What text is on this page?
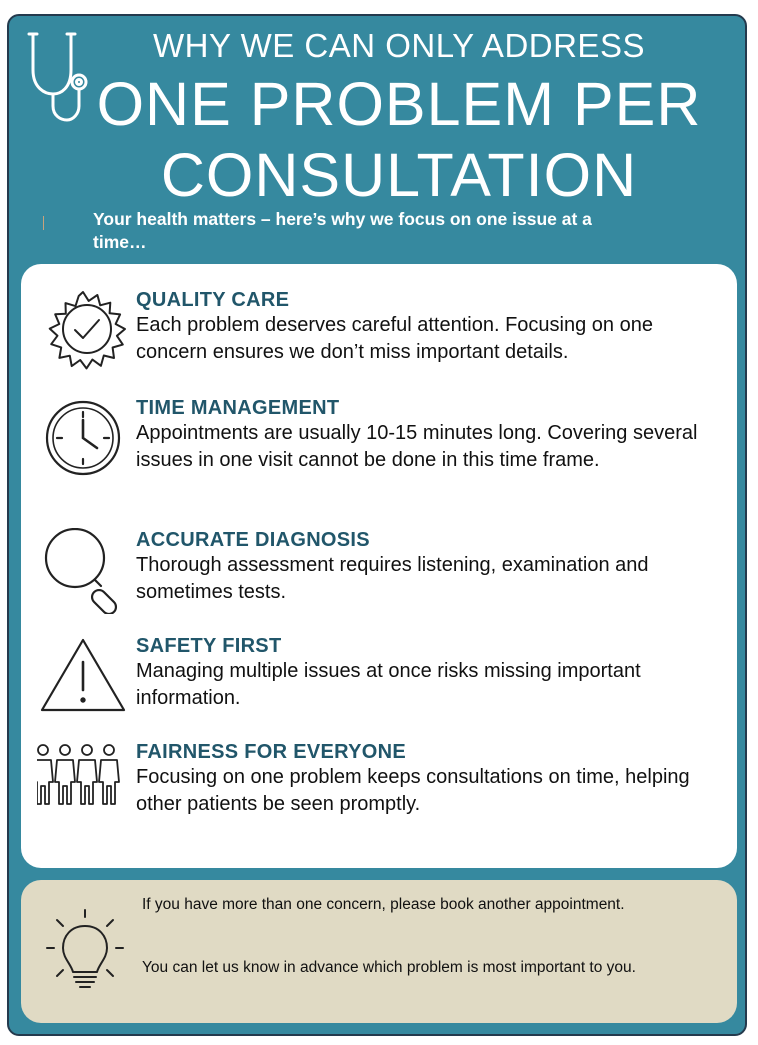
WHY WE CAN ONLY ADDRESS
ONE PROBLEM PER
CONSULTATION
Your health matters – here’s why we focus on one issue at a time…
QUALITY CARE
Each problem deserves careful attention. Focusing on one concern ensures we don’t miss important details.
TIME MANAGEMENT
Appointments are usually 10-15 minutes long. Covering several issues in one visit cannot be done in this time frame.
ACCURATE DIAGNOSIS
Thorough assessment requires listening, examination and sometimes tests.
SAFETY FIRST
Managing multiple issues at once risks missing important information.
FAIRNESS FOR EVERYONE
Focusing on one problem keeps consultations on time, helping other patients be seen promptly.
If you have more than one concern, please book another appointment.
You can let us know in advance which problem is most important to you.
